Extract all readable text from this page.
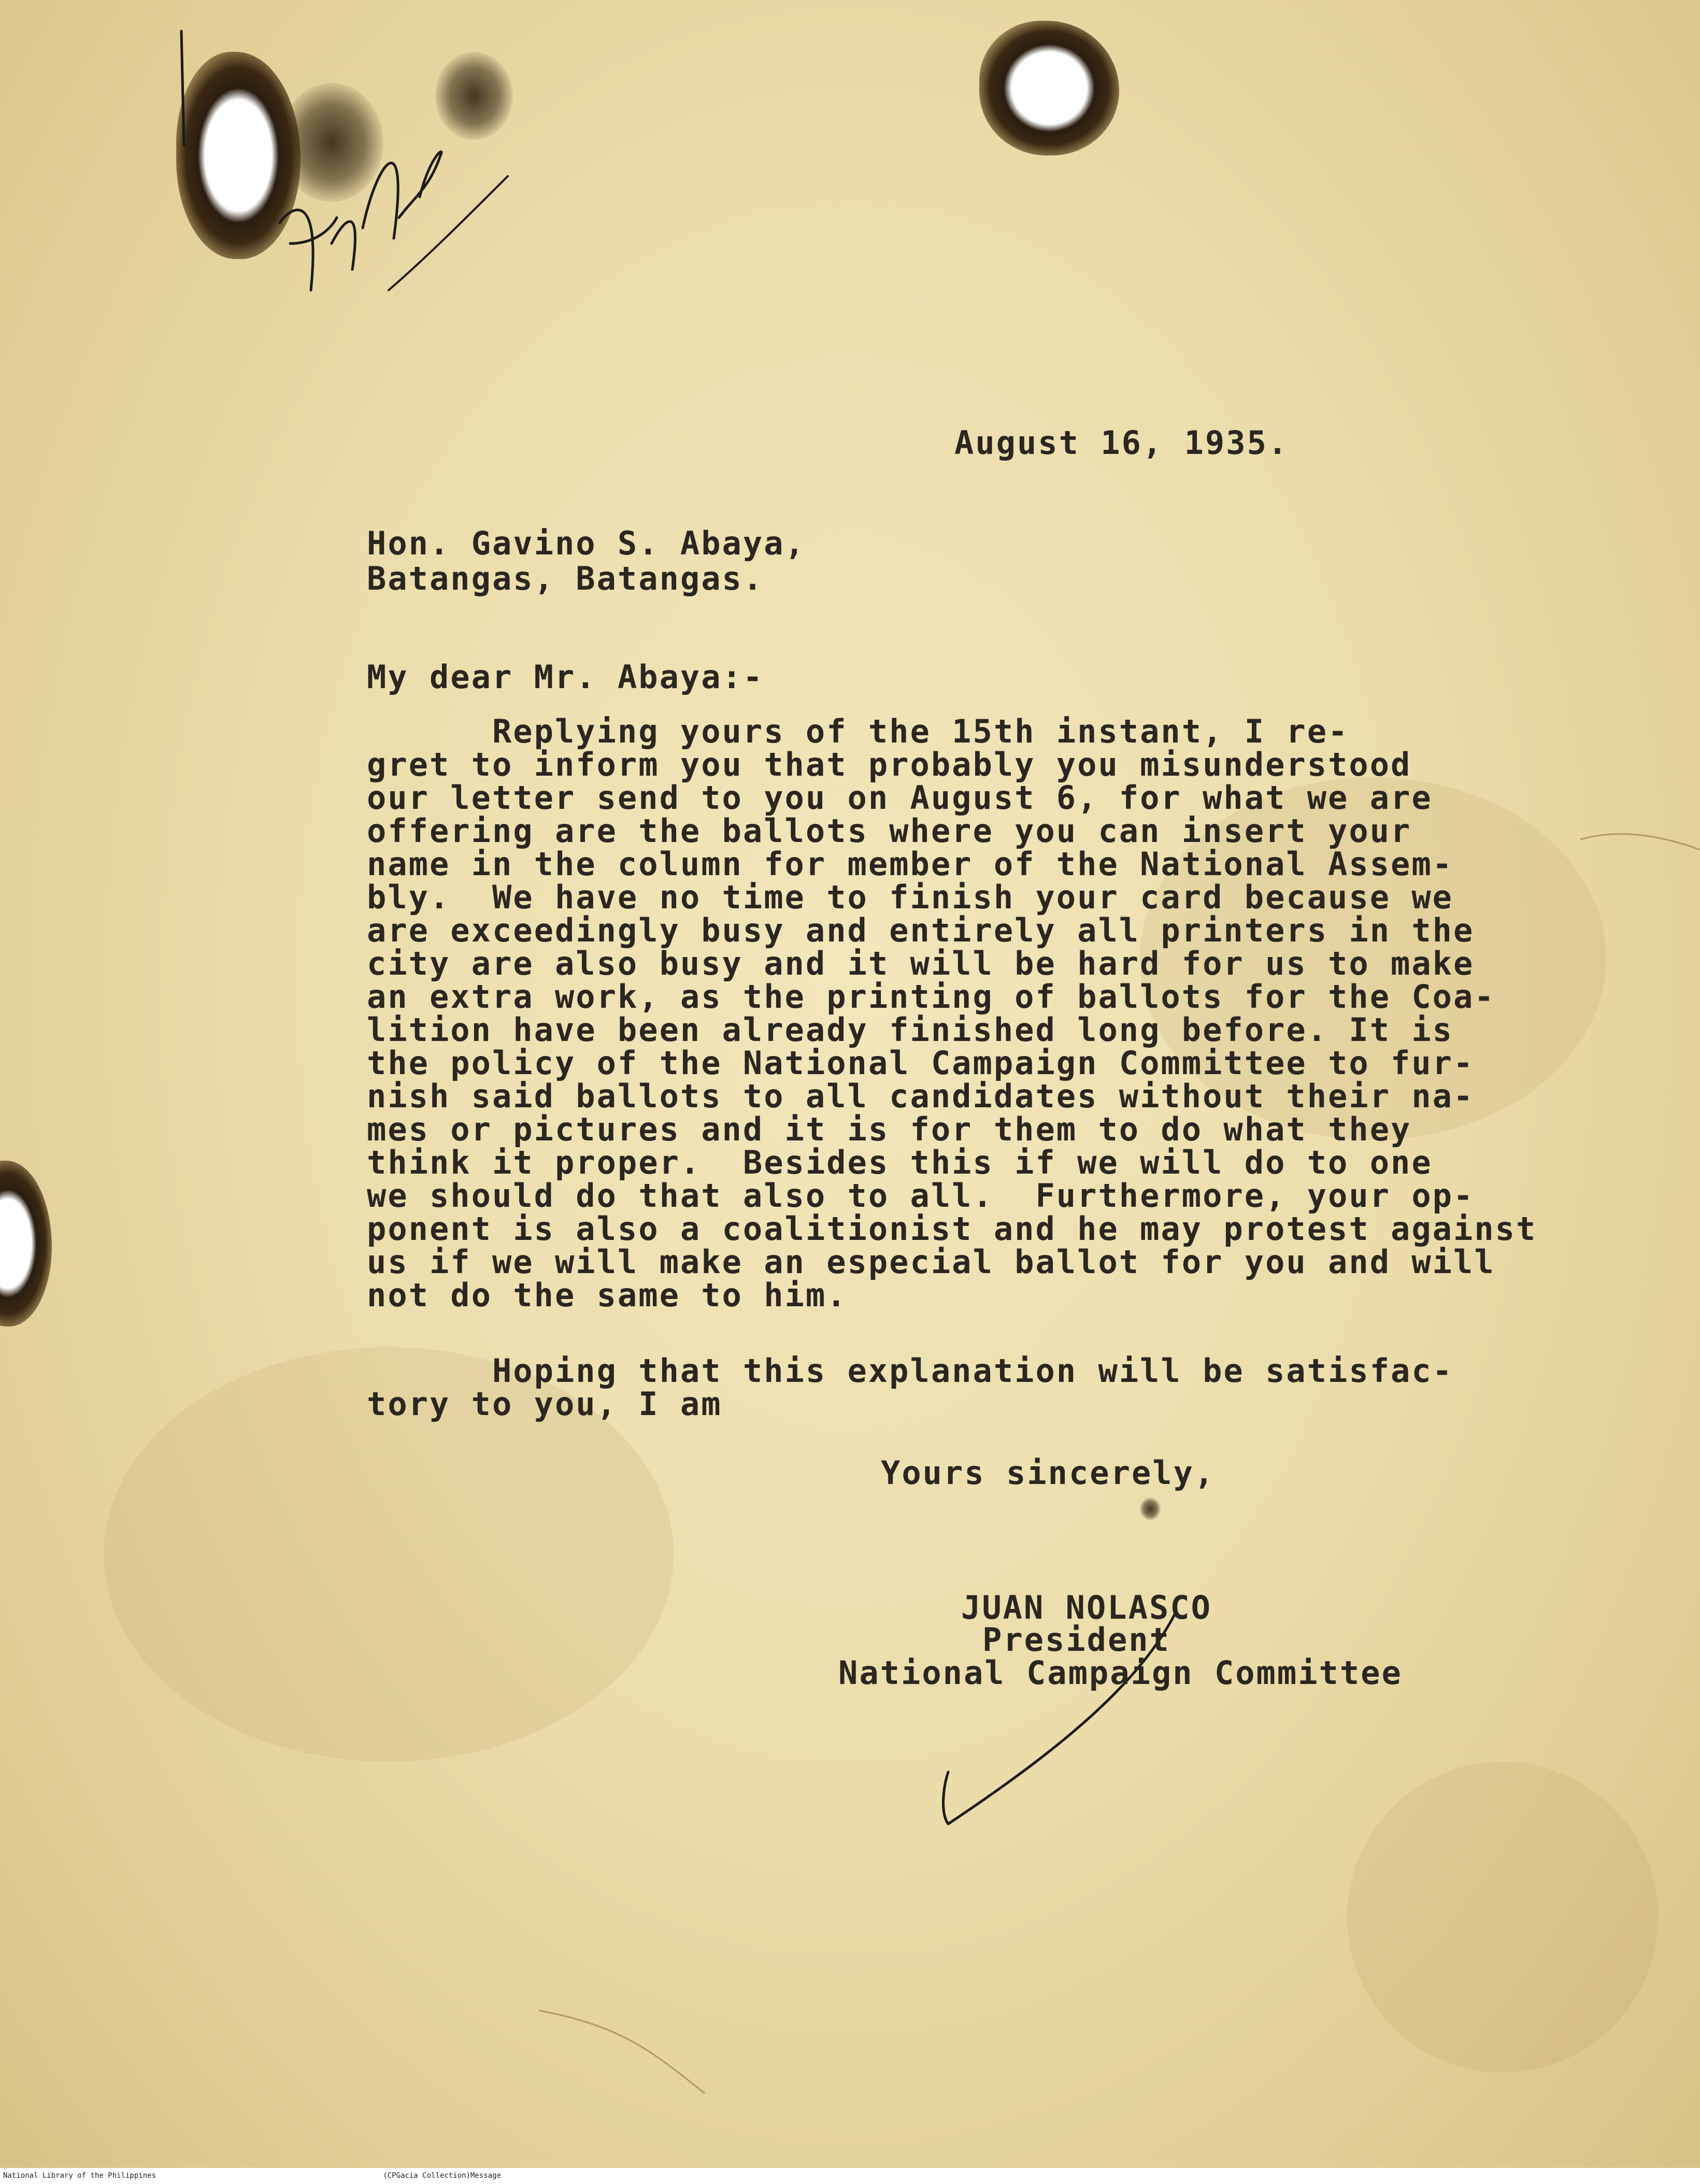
August 16, 1935.

Hon. Gavino S. Abaya,

Batangas, Batangas.

My dear Mr. Abaya:-

Replying yours of the 15th instant, I re-
gret to inform you that probably you misunderstood
our letter send to you on August 6, for what we are
offering are the ballots where you can insert your
name in the column for member of the National Assem-
bly.  We have no time to finish your card because we
are exceedingly busy and entirely all printers in the
city are also busy and it will be hard for us to make
an extra work, as the printing of ballots for the Coa-
lition have been already finished long before. It is
the policy of the National Campaign Committee to fur-
nish said ballots to all candidates without their na-
mes or pictures and it is for them to do what they
think it proper.  Besides this if we will do to one
we should do that also to all.  Furthermore, your op-
ponent is also a coalitionist and he may protest against
us if we will make an especial ballot for you and will
not do the same to him.
Hoping that this explanation will be satisfac-
tory to you, I am

Yours sincerely,

JUAN NOLASCO

President

National Campaign Committee

National Library of the Philippines                                                    (CPGacia Collection)Message
